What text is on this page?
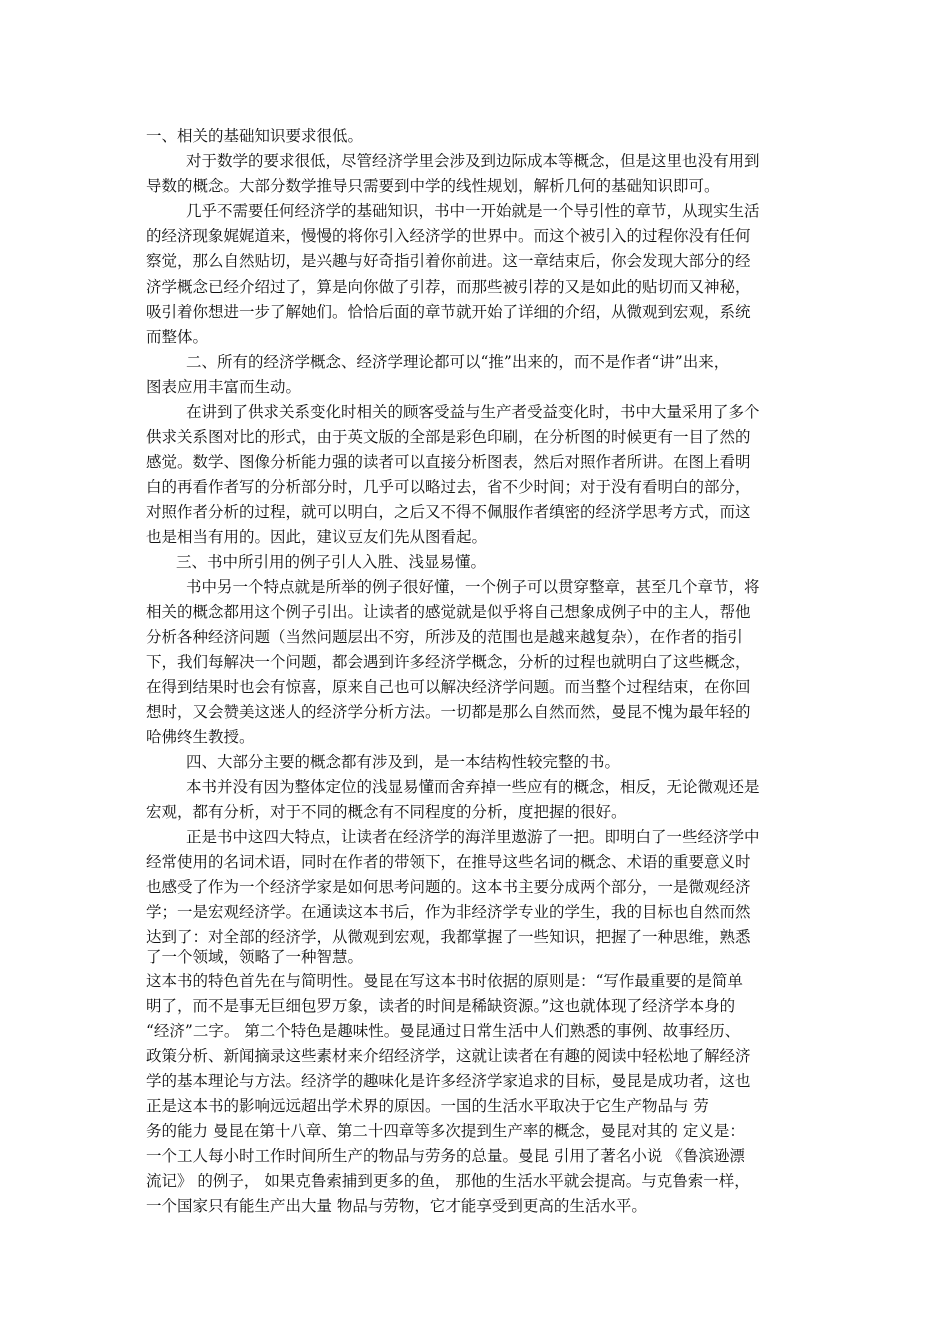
一、相关的基础知识要求很低。
对于数学的要求很低，尽管经济学里会涉及到边际成本等概念，但是这里也没有用到
导数的概念。大部分数学推导只需要到中学的线性规划，解析几何的基础知识即可。
几乎不需要任何经济学的基础知识，书中一开始就是一个导引性的章节，从现实生活
的经济现象娓娓道来，慢慢的将你引入经济学的世界中。而这个被引入的过程你没有任何
察觉，那么自然贴切，是兴趣与好奇指引着你前进。这一章结束后，你会发现大部分的经
济学概念已经介绍过了，算是向你做了引荐，而那些被引荐的又是如此的贴切而又神秘，
吸引着你想进一步了解她们。恰恰后面的章节就开始了详细的介绍，从微观到宏观，系统
而整体。
二、所有的经济学概念、经济学理论都可以“推”出来的，而不是作者“讲”出来，
图表应用丰富而生动。
在讲到了供求关系变化时相关的顾客受益与生产者受益变化时，书中大量采用了多个
供求关系图对比的形式，由于英文版的全部是彩色印刷，在分析图的时候更有一目了然的
感觉。数学、图像分析能力强的读者可以直接分析图表，然后对照作者所讲。在图上看明
白的再看作者写的分析部分时，几乎可以略过去，省不少时间；对于没有看明白的部分，
对照作者分析的过程，就可以明白，之后又不得不佩服作者缜密的经济学思考方式，而这
也是相当有用的。因此，建议豆友们先从图看起。
三、书中所引用的例子引人入胜、浅显易懂。
书中另一个特点就是所举的例子很好懂，一个例子可以贯穿整章，甚至几个章节，将
相关的概念都用这个例子引出。让读者的感觉就是似乎将自己想象成例子中的主人，帮他
分析各种经济问题（当然问题层出不穷，所涉及的范围也是越来越复杂），在作者的指引
下，我们每解决一个问题，都会遇到许多经济学概念，分析的过程也就明白了这些概念，
在得到结果时也会有惊喜，原来自己也可以解决经济学问题。而当整个过程结束，在你回
想时，又会赞美这迷人的经济学分析方法。一切都是那么自然而然，曼昆不愧为最年轻的
哈佛终生教授。
四、大部分主要的概念都有涉及到，是一本结构性较完整的书。
本书并没有因为整体定位的浅显易懂而舍弃掉一些应有的概念，相反，无论微观还是
宏观，都有分析，对于不同的概念有不同程度的分析，度把握的很好。
正是书中这四大特点，让读者在经济学的海洋里遨游了一把。即明白了一些经济学中
经常使用的名词术语，同时在作者的带领下，在推导这些名词的概念、术语的重要意义时
也感受了作为一个经济学家是如何思考问题的。这本书主要分成两个部分，一是微观经济
学；一是宏观经济学。在通读这本书后，作为非经济学专业的学生，我的目标也自然而然
达到了：对全部的经济学，从微观到宏观，我都掌握了一些知识，把握了一种思维，熟悉
了一个领域，领略了一种智慧。
这本书的特色首先在与简明性。曼昆在写这本书时依据的原则是：“写作最重要的是简单
明了，而不是事无巨细包罗万象，读者的时间是稀缺资源。”这也就体现了经济学本身的
“经济”二字。 第二个特色是趣味性。曼昆通过日常生活中人们熟悉的事例、故事经历、
政策分析、新闻摘录这些素材来介绍经济学，这就让读者在有趣的阅读中轻松地了解经济
学的基本理论与方法。经济学的趣味化是许多经济学家追求的目标，曼昆是成功者，这也
正是这本书的影响远远超出学术界的原因。一国的生活水平取决于它生产物品与 劳
务的能力 曼昆在第十八章、第二十四章等多次提到生产率的概念，曼昆对其的 定义是：
一个工人每小时工作时间所生产的物品与劳务的总量。曼昆 引用了著名小说 《鲁滨逊漂
流记》 的例子， 如果克鲁索捕到更多的鱼， 那他的生活水平就会提高。与克鲁索一样，
一个国家只有能生产出大量 物品与劳物，它才能享受到更高的生活水平。
